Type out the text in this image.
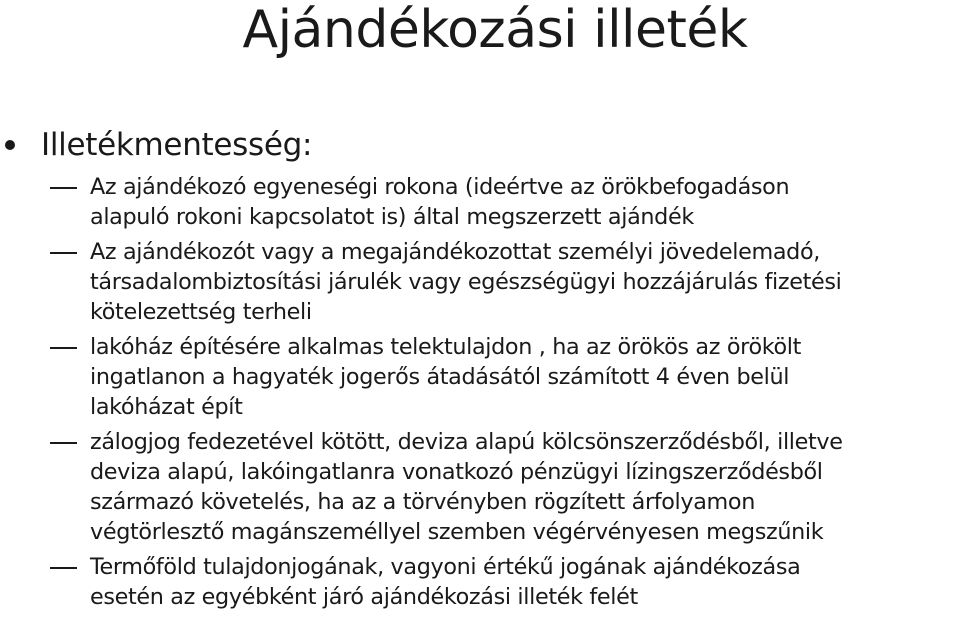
Ajándékozási illeték
Illetékmentesség:
Az ajándékozó egyeneségi rokona (ideértve az örökbefogadáson
alapuló rokoni kapcsolatot is) által megszerzett ajándék
Az ajándékozót vagy a megajándékozottat személyi jövedelemadó,
társadalombiztosítási járulék vagy egészségügyi hozzájárulás fizetési
kötelezettség terheli
lakóház építésére alkalmas telektulajdon , ha az örökös az örökölt
ingatlanon a hagyaték jogerős átadásától számított 4 éven belül
lakóházat épít
zálogjog fedezetével kötött, deviza alapú kölcsönszerződésből, illetve
deviza alapú, lakóingatlanra vonatkozó pénzügyi lízingszerződésből
származó követelés, ha az a törvényben rögzített árfolyamon
végtörlesztő magánszeméllyel szemben végérvényesen megszűnik
Termőföld tulajdonjogának, vagyoni értékű jogának ajándékozása
esetén az egyébként járó ajándékozási illeték felét
